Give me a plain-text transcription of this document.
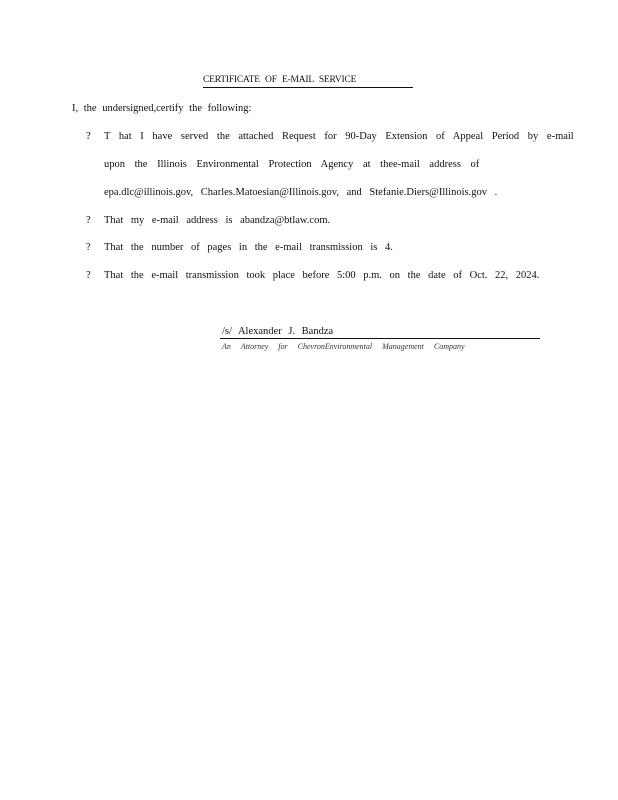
CERTIFICATE OF E-MAIL SERVICE
I, the undersigned,certify the following:
? T hat I have served the attached Request for 90-Day Extension of Appeal Period by e-mail
upon the Illinois Environmental Protection Agency at thee-mail address of
epa.dlc@illinois.gov, Charles.Matoesian@Illinois.gov, and Stefanie.Diers@Illinois.gov .
? That my e-mail address is abandza@btlaw.com.
? That the number of pages in the e-mail transmission is 4.
? That the e-mail transmission took place before 5:00 p.m. on the date of Oct. 22, 2024.
/s/ Alexander J. Bandza
An Attorney for ChevronEnvironmental Management Company
